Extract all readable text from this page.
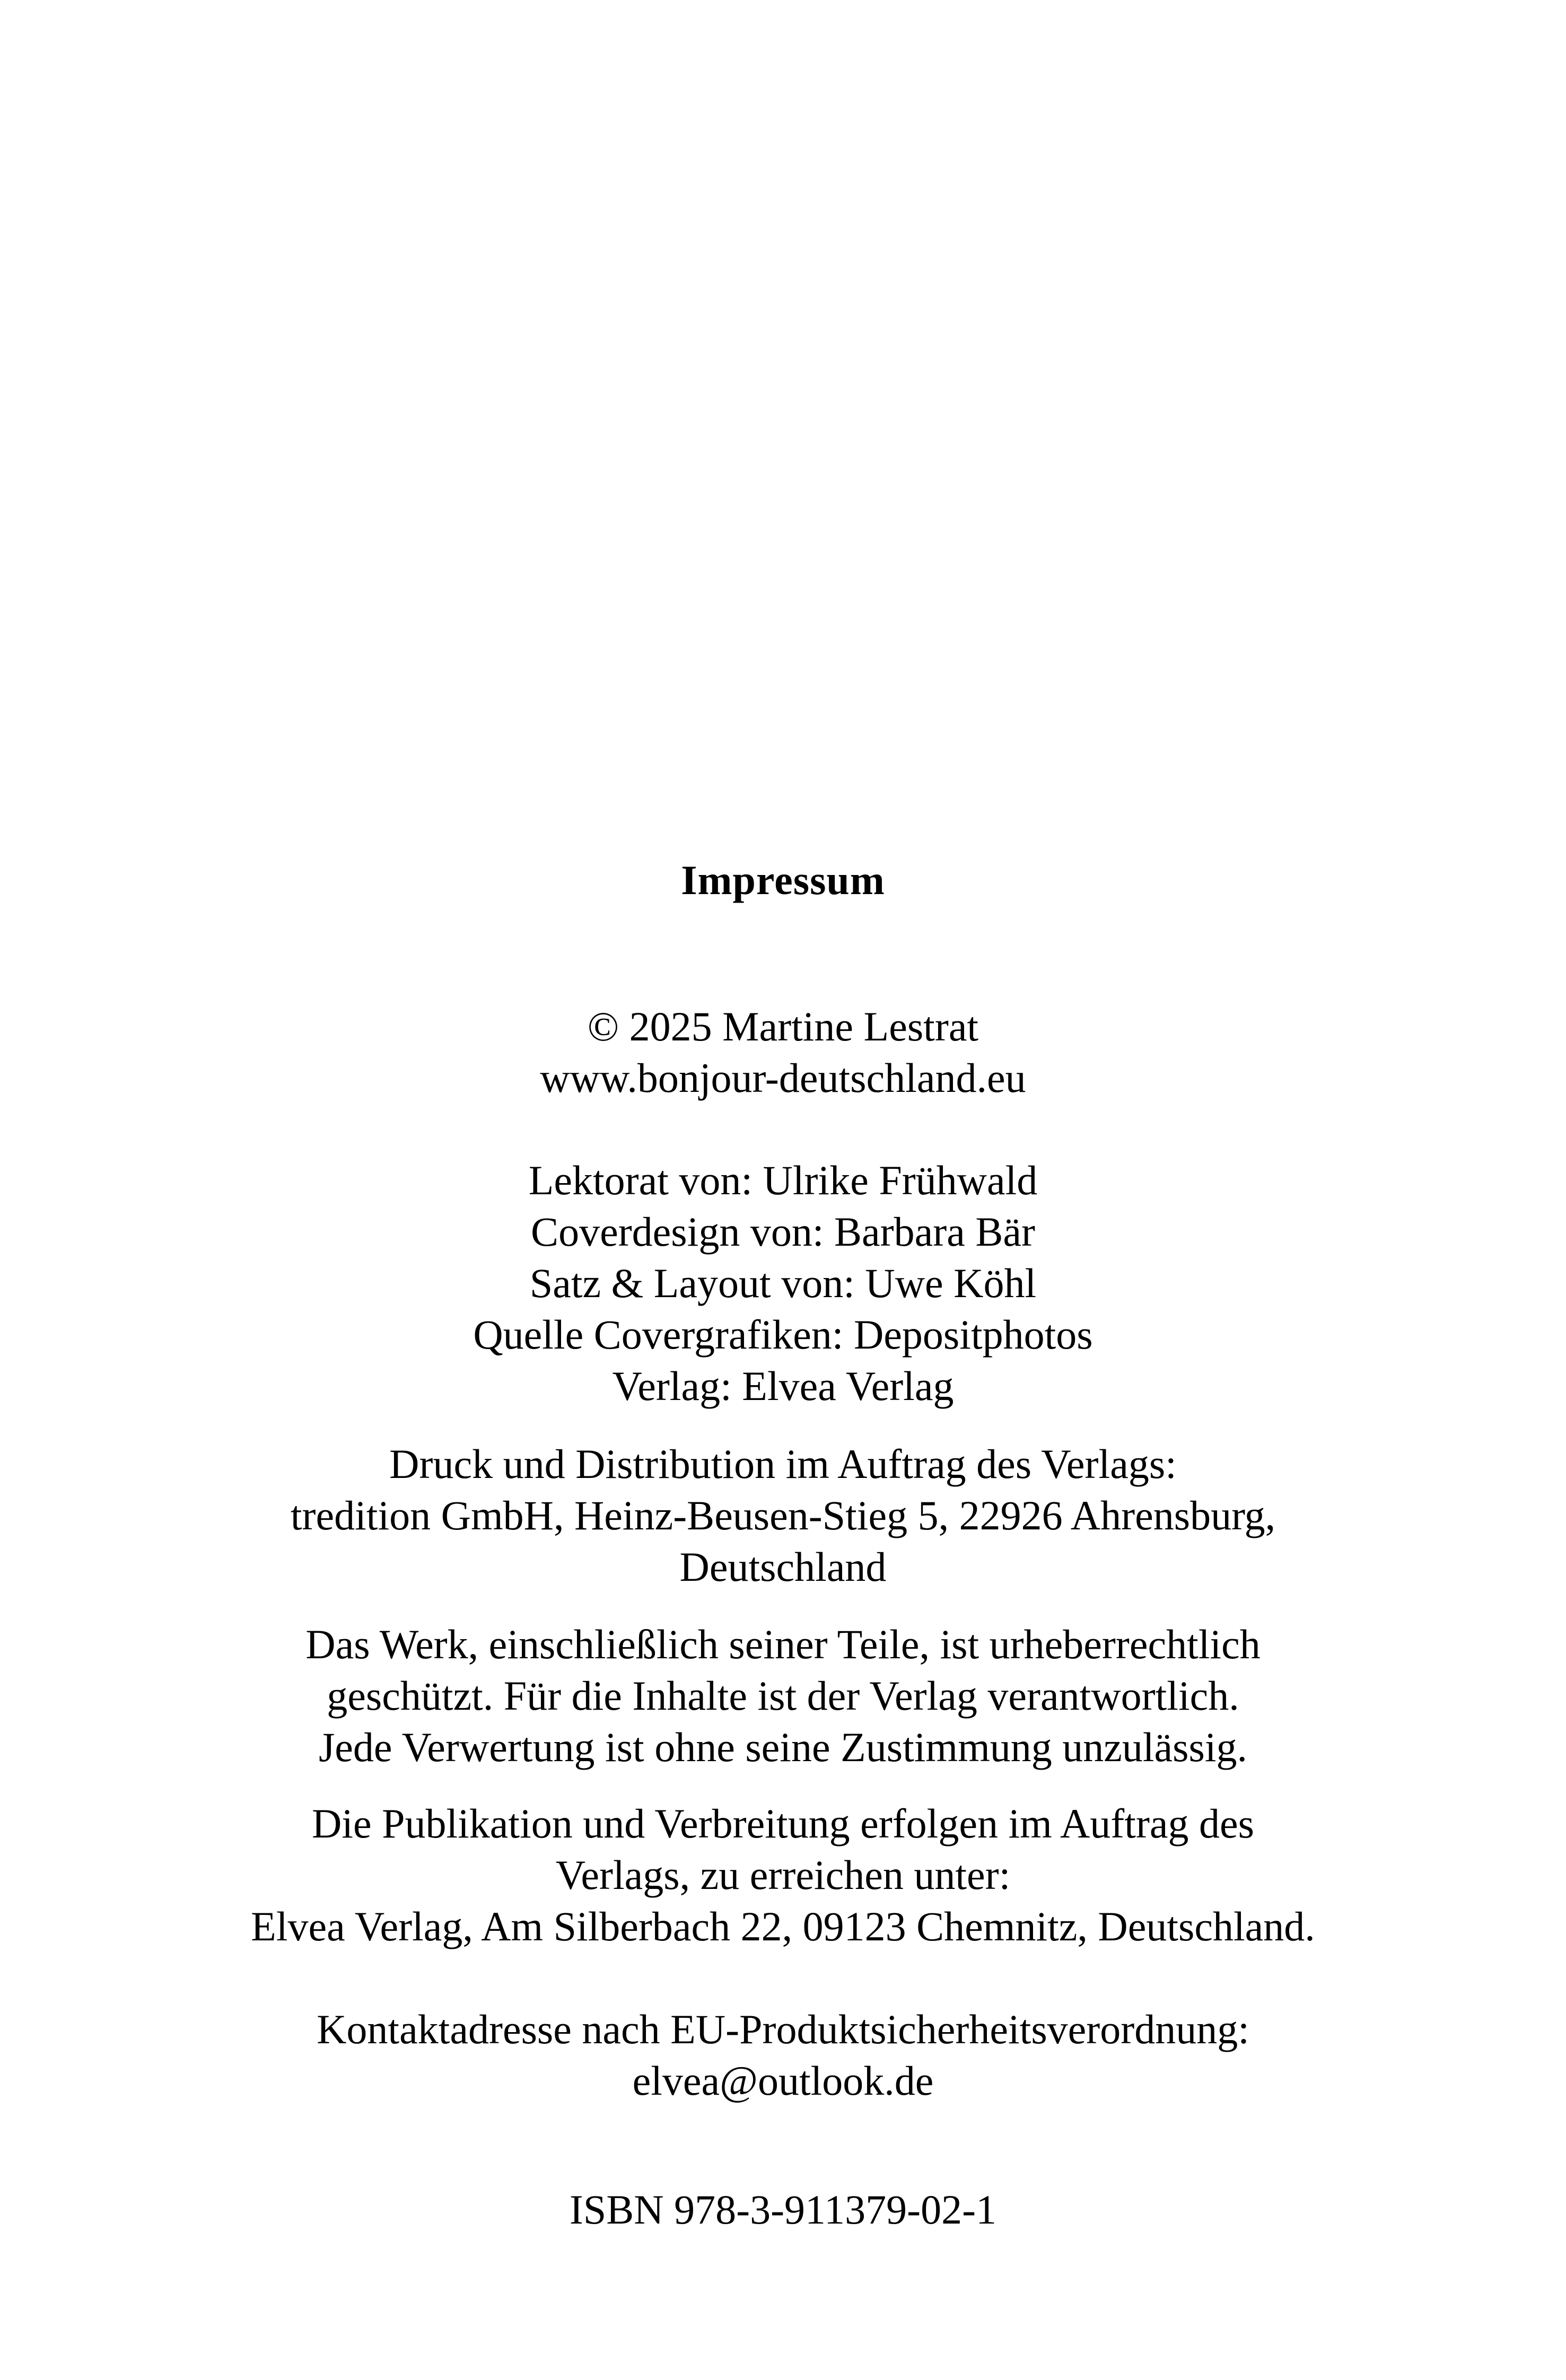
Impressum
© 2025 Martine Lestrat
www.bonjour-deutschland.eu
Lektorat von: Ulrike Frühwald
Coverdesign von: Barbara Bär
Satz & Layout von: Uwe Köhl
Quelle Covergrafiken: Depositphotos
Verlag: Elvea Verlag
Druck und Distribution im Auftrag des Verlags:
tredition GmbH, Heinz-Beusen-Stieg 5, 22926 Ahrensburg,
Deutschland
Das Werk, einschließlich seiner Teile, ist urheberrechtlich
geschützt. Für die Inhalte ist der Verlag verantwortlich.
Jede Verwertung ist ohne seine Zustimmung unzulässig.
Die Publikation und Verbreitung erfolgen im Auftrag des
Verlags, zu erreichen unter:
Elvea Verlag, Am Silberbach 22, 09123 Chemnitz, Deutschland.
Kontaktadresse nach EU-Produktsicherheitsverordnung:
elvea@outlook.de
ISBN 978-3-911379-02-1
